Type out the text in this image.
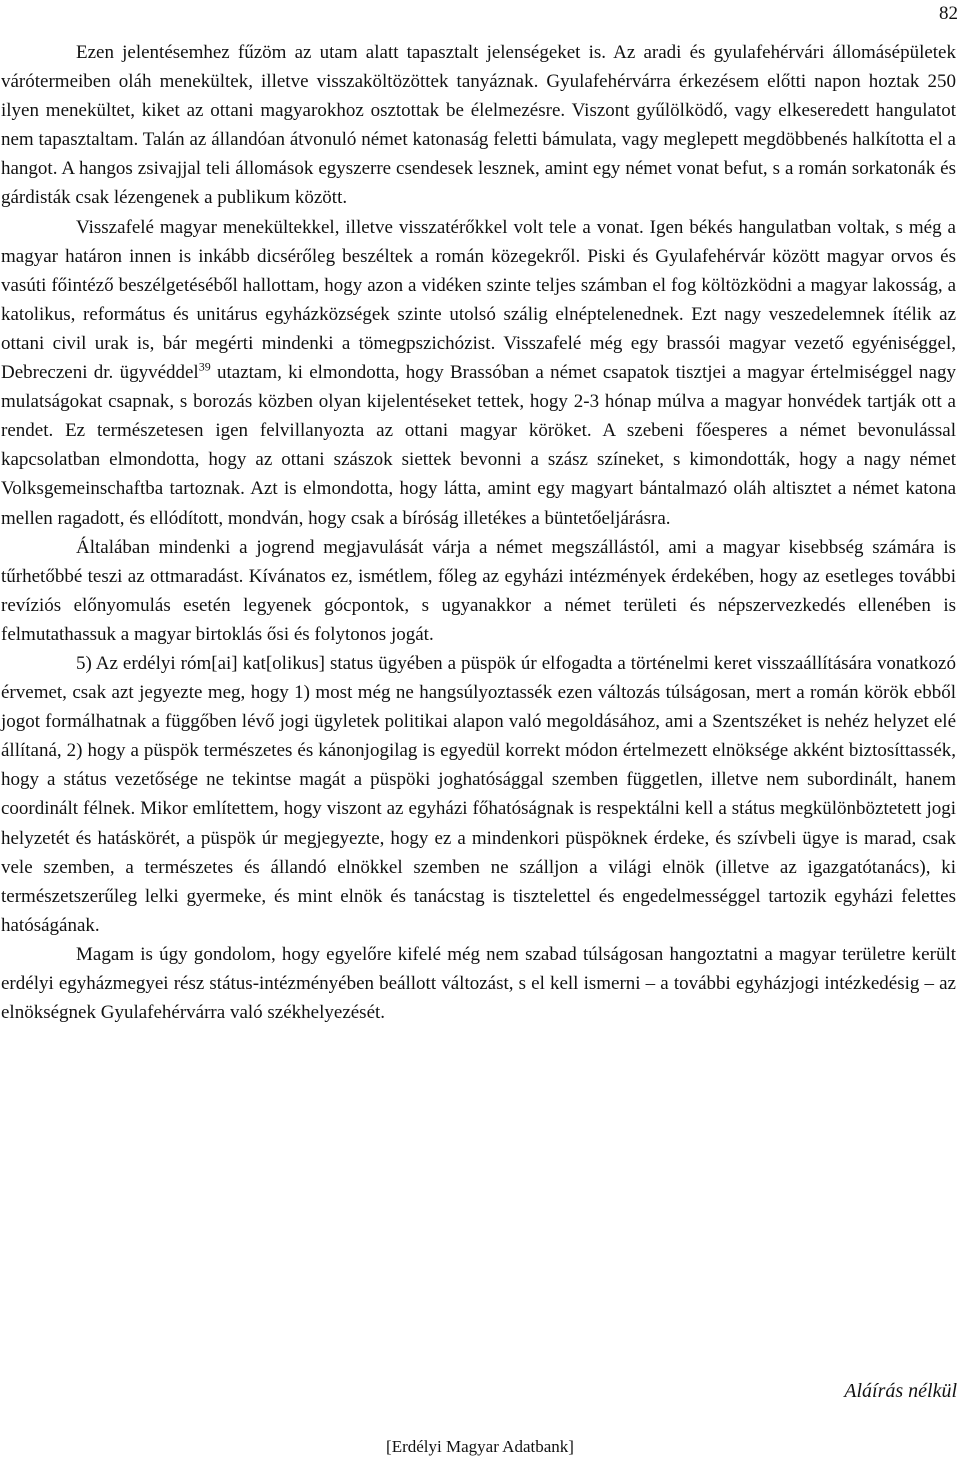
82

Ezen jelentésemhez fűzöm az utam alatt tapasztalt jelenségeket is. Az aradi és gyulafehérvári állomásépületek várótermeiben oláh menekültek, illetve visszaköltözöttek tanyáznak. Gyulafehérvárra érkezésem előtti napon hoztak 250 ilyen menekültet, kiket az ottani magyarokhoz osztottak be élelmezésre. Viszont gyűlölködő, vagy elkeseredett hangulatot nem tapasztaltam. Talán az állandóan átvonuló német katonaság feletti bámulata, vagy meglepett megdöbbenés halkította el a hangot. A hangos zsivajjal teli állomások egyszerre csendesek lesznek, amint egy német vonat befut, s a román sorkatonák és gárdisták csak lézengenek a publikum között.

Visszafelé magyar menekültekkel, illetve visszatérőkkel volt tele a vonat. Igen békés hangulatban voltak, s még a magyar határon innen is inkább dicsérőleg beszéltek a román közegekről. Piski és Gyulafehérvár között magyar orvos és vasúti főintéző beszélgetéséből hallottam, hogy azon a vidéken szinte teljes számban el fog költözködni a magyar lakosság, a katolikus, református és unitárus egyházközségek szinte utolsó szálig elnéptelenednek. Ezt nagy veszedelemnek ítélik az ottani civil urak is, bár megérti mindenki a tömegpszichózist. Visszafelé még egy brassói magyar vezető egyéniséggel, Debreczeni dr. ügyvéddel$^{39}$ utaztam, ki elmondotta, hogy Brassóban a német csapatok tisztjei a magyar értelmiséggel nagy mulatságokat csapnak, s borozás közben olyan kijelentéseket tettek, hogy 2-3 hónap múlva a magyar honvédek tartják ott a rendet. Ez természetesen igen felvillanyozta az ottani magyar köröket. A szebeni főesperes a német bevonulással kapcsolatban elmondotta, hogy az ottani szászok siettek bevonni a szász színeket, s kimondották, hogy a nagy német Volksgemeinschaftba tartoznak. Azt is elmondotta, hogy látta, amint egy magyart bántalmazó oláh altisztet a német katona mellen ragadott, és ellódított, mondván, hogy csak a bíróság illetékes a büntetőeljárásra.

Általában mindenki a jogrend megjavulását várja a német megszállástól, ami a magyar kisebbség számára is tűrhetőbbé teszi az ottmaradást. Kívánatos ez, ismétlem, főleg az egyházi intézmények érdekében, hogy az esetleges további revíziós előnyomulás esetén legyenek gócpontok, s ugyanakkor a német területi és népszervezkedés ellenében is felmutathassuk a magyar birtoklás ősi és folytonos jogát.

5) Az erdélyi róm[ai] kat[olikus] status ügyében a püspök úr elfogadta a történelmi keret visszaállítására vonatkozó érvemet, csak azt jegyezte meg, hogy 1) most még ne hangsúlyoztassék ezen változás túlságosan, mert a román körök ebből jogot formálhatnak a függőben lévő jogi ügyletek politikai alapon való megoldásához, ami a Szentszéket is nehéz helyzet elé állítaná, 2) hogy a püspök természetes és kánonjogilag is egyedül korrekt módon értelmezett elnöksége akként biztosíttassék, hogy a státus vezetősége ne tekintse magát a püspöki joghatósággal szemben független, illetve nem subordinált, hanem coordinált félnek. Mikor említettem, hogy viszont az egyházi főhatóságnak is respektálni kell a státus megkülönböztetett jogi helyzetét és hatáskörét, a püspök úr megjegyezte, hogy ez a mindenkori püspöknek érdeke, és szívbeli ügye is marad, csak vele szemben, a természetes és állandó elnökkel szemben ne szálljon a világi elnök (illetve az igazgatótanács), ki természetszerűleg lelki gyermeke, és mint elnök és tanácstag is tisztelettel és engedelmességgel tartozik egyházi felettes hatóságának.

Magam is úgy gondolom, hogy egyelőre kifelé még nem szabad túlságosan hangoztatni a magyar területre került erdélyi egyházmegyei rész státus-intézményében beállott változást, s el kell ismerni – a további egyházjogi intézkedésig – az elnökségnek Gyulafehérvárra való székhelyezését.

Aláírás nélkül
[Erdélyi Magyar Adatbank]
